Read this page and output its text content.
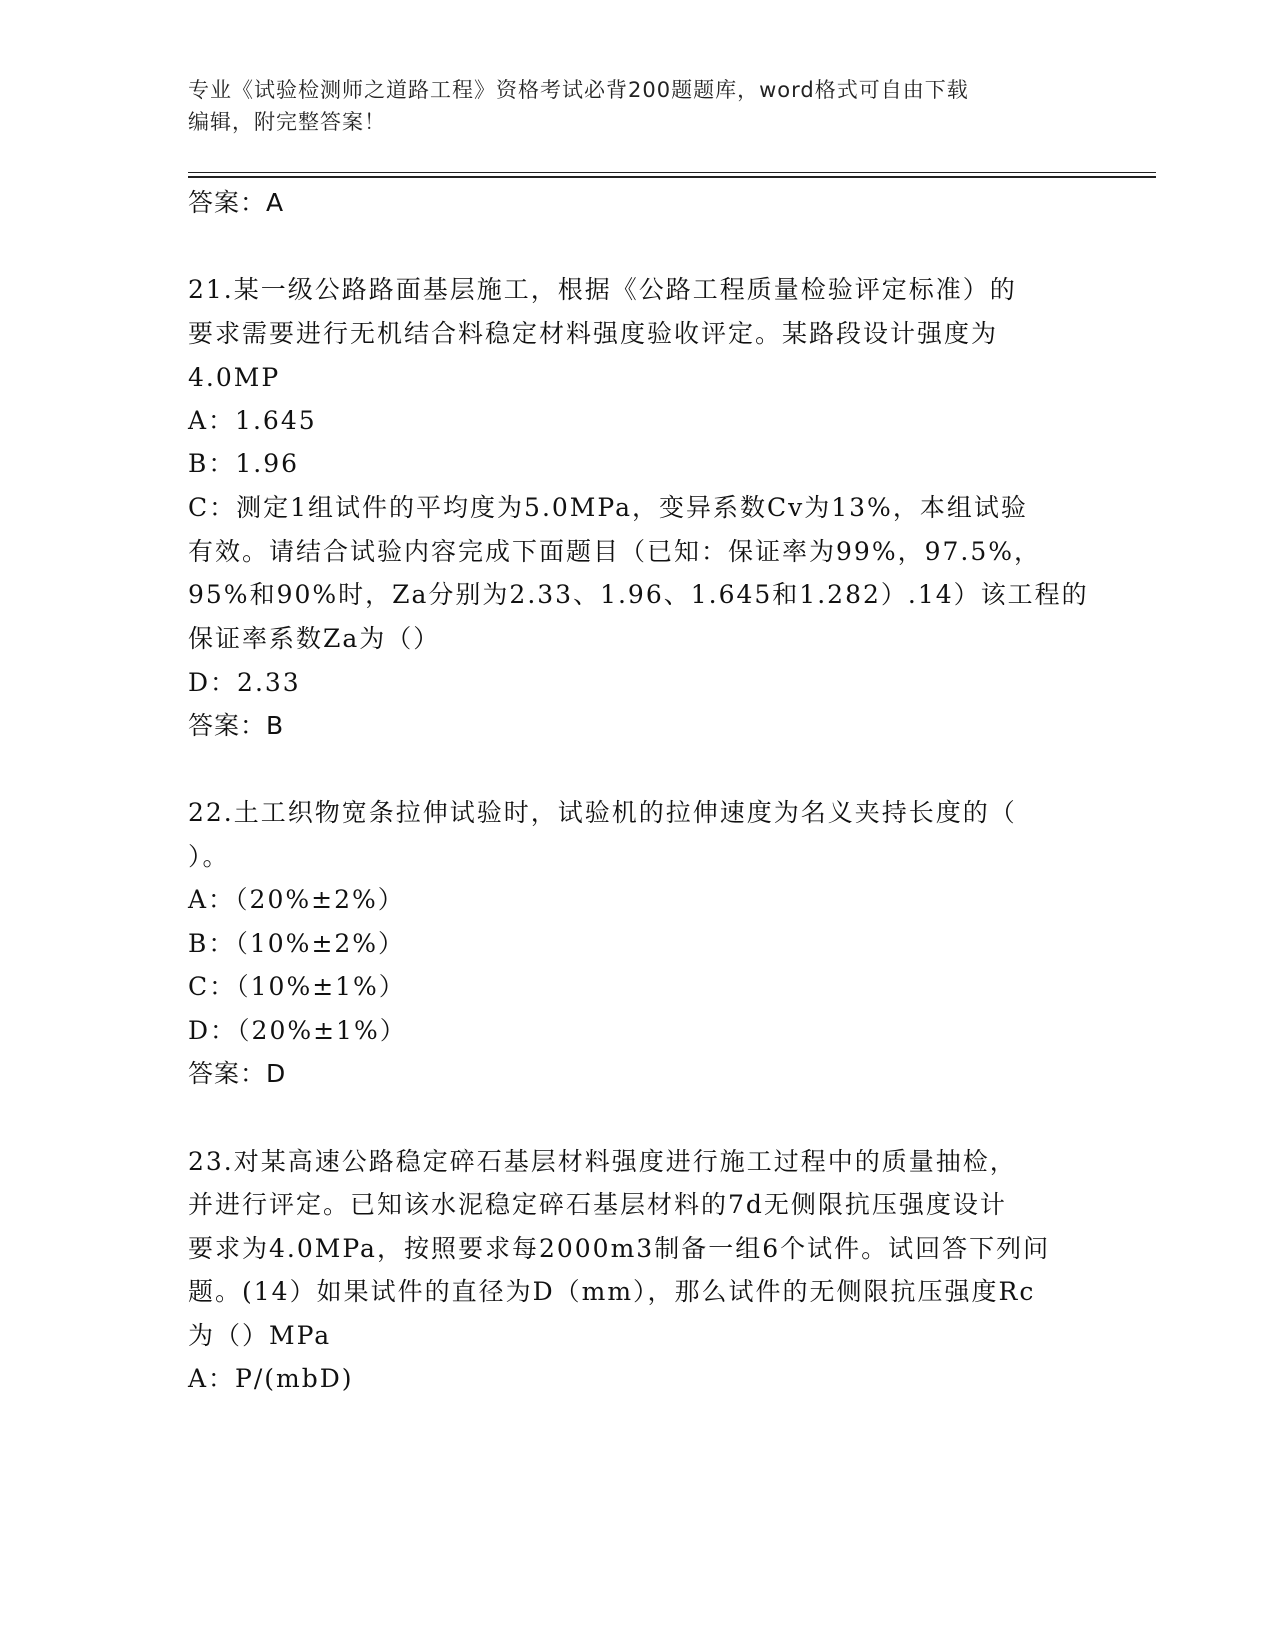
专业《试验检测师之道路工程》资格考试必背200题题库，word格式可自由下载
编辑，附完整答案！
答案：A
21.某一级公路路面基层施工，根据《公路工程质量检验评定标准）的
要求需要进行无机结合料稳定材料强度验收评定。某路段设计强度为
4.0MP
A：1.645
B：1.96
C：测定1组试件的平均度为5.0MPa，变异系数Cv为13%，本组试验
有效。请结合试验内容完成下面题目（已知：保证率为99%，97.5%，
95%和90%时，Za分别为2.33、1.96、1.645和1.282）.14）该工程的
保证率系数Za为（）
D：2.33
答案：B
22.土工织物宽条拉伸试验时，试验机的拉伸速度为名义夹持长度的（
）。
A：（20%±2%）
B：（10%±2%）
C：（10%±1%）
D：（20%±1%）
答案：D
23.对某高速公路稳定碎石基层材料强度进行施工过程中的质量抽检，
并进行评定。已知该水泥稳定碎石基层材料的7d无侧限抗压强度设计
要求为4.0MPa，按照要求每2000m3制备一组6个试件。试回答下列问
题。(14）如果试件的直径为D（mm），那么试件的无侧限抗压强度Rc
为（）MPa
A：P/(mbD)
